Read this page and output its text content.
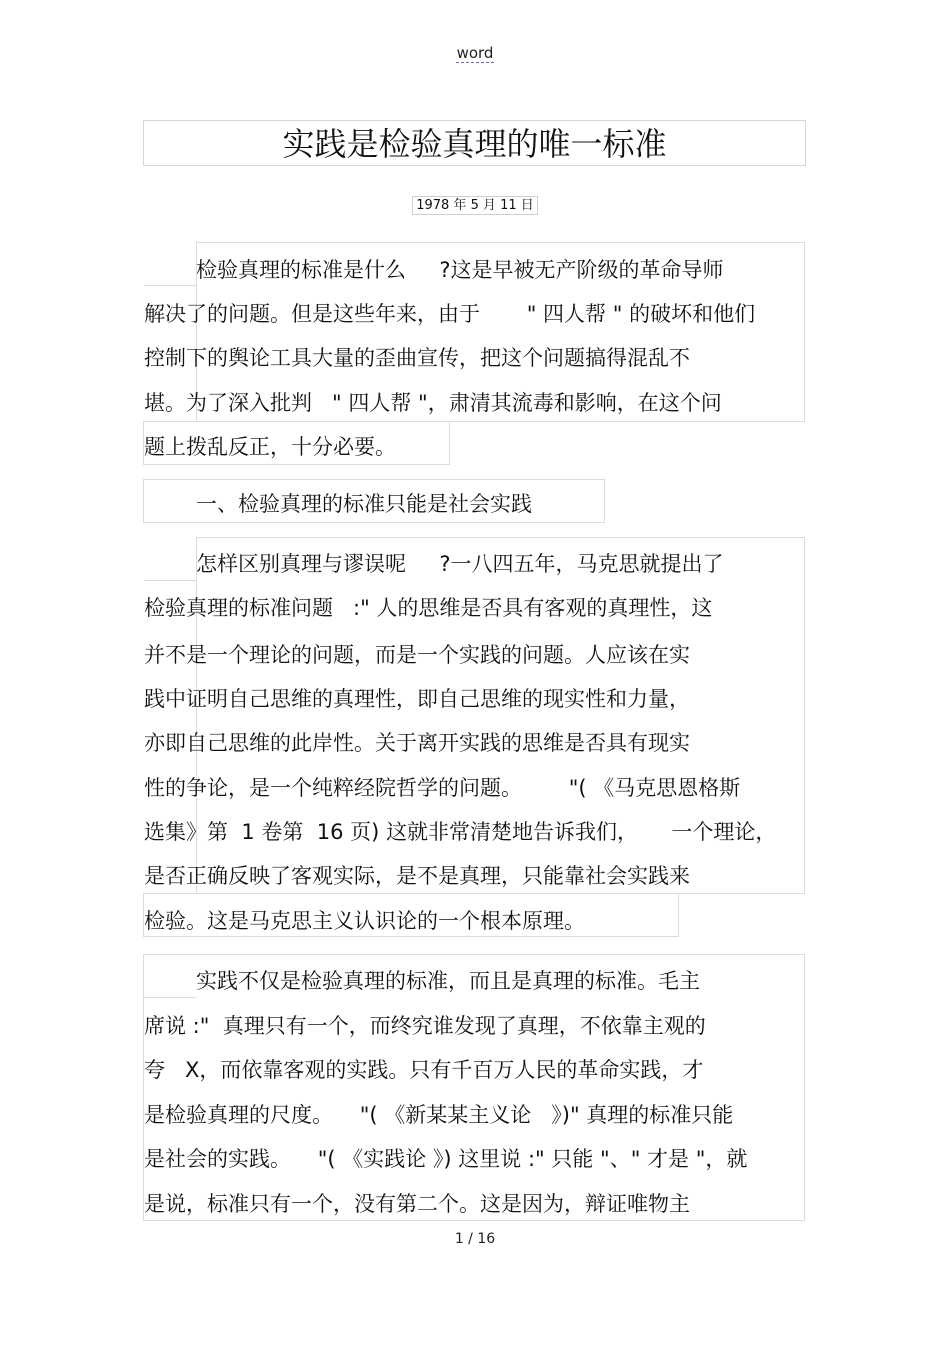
word
实践是检验真理的唯一标准
1978 年 5 月 11 日
检验真理的标准是什么     ?这是早被无产阶级的革命导师
解决了的问题。但是这些年来，由于       " 四人帮 " 的破坏和他们
控制下的舆论工具大量的歪曲宣传，把这个问题搞得混乱不
堪。为了深入批判   " 四人帮 "，肃清其流毒和影响，在这个问
题上拨乱反正，十分必要。
一、检验真理的标准只能是社会实践
怎样区别真理与谬误呢     ?一八四五年，马克思就提出了
检验真理的标准问题   :" 人的思维是否具有客观的真理性，这
并不是一个理论的问题，而是一个实践的问题。人应该在实
践中证明自己思维的真理性，即自己思维的现实性和力量，
亦即自己思维的此岸性。关于离开实践的思维是否具有现实
性的争论，是一个纯粹经院哲学的问题。       "( 《马克思恩格斯
选集》第  1 卷第  16 页) 这就非常清楚地告诉我们，     一个理论，
是否正确反映了客观实际，是不是真理，只能靠社会实践来
检验。这是马克思主义认识论的一个根本原理。
实践不仅是检验真理的标准，而且是真理的标准。毛主
席说 :"  真理只有一个，而终究谁发现了真理，不依靠主观的
夸   X，而依靠客观的实践。只有千百万人民的革命实践，才
是检验真理的尺度。    "( 《新某某主义论   》)" 真理的标准只能
是社会的实践。    "( 《实践论 》) 这里说 :" 只能 "、" 才是 "，就
是说，标准只有一个，没有第二个。这是因为，辩证唯物主
1 / 16
